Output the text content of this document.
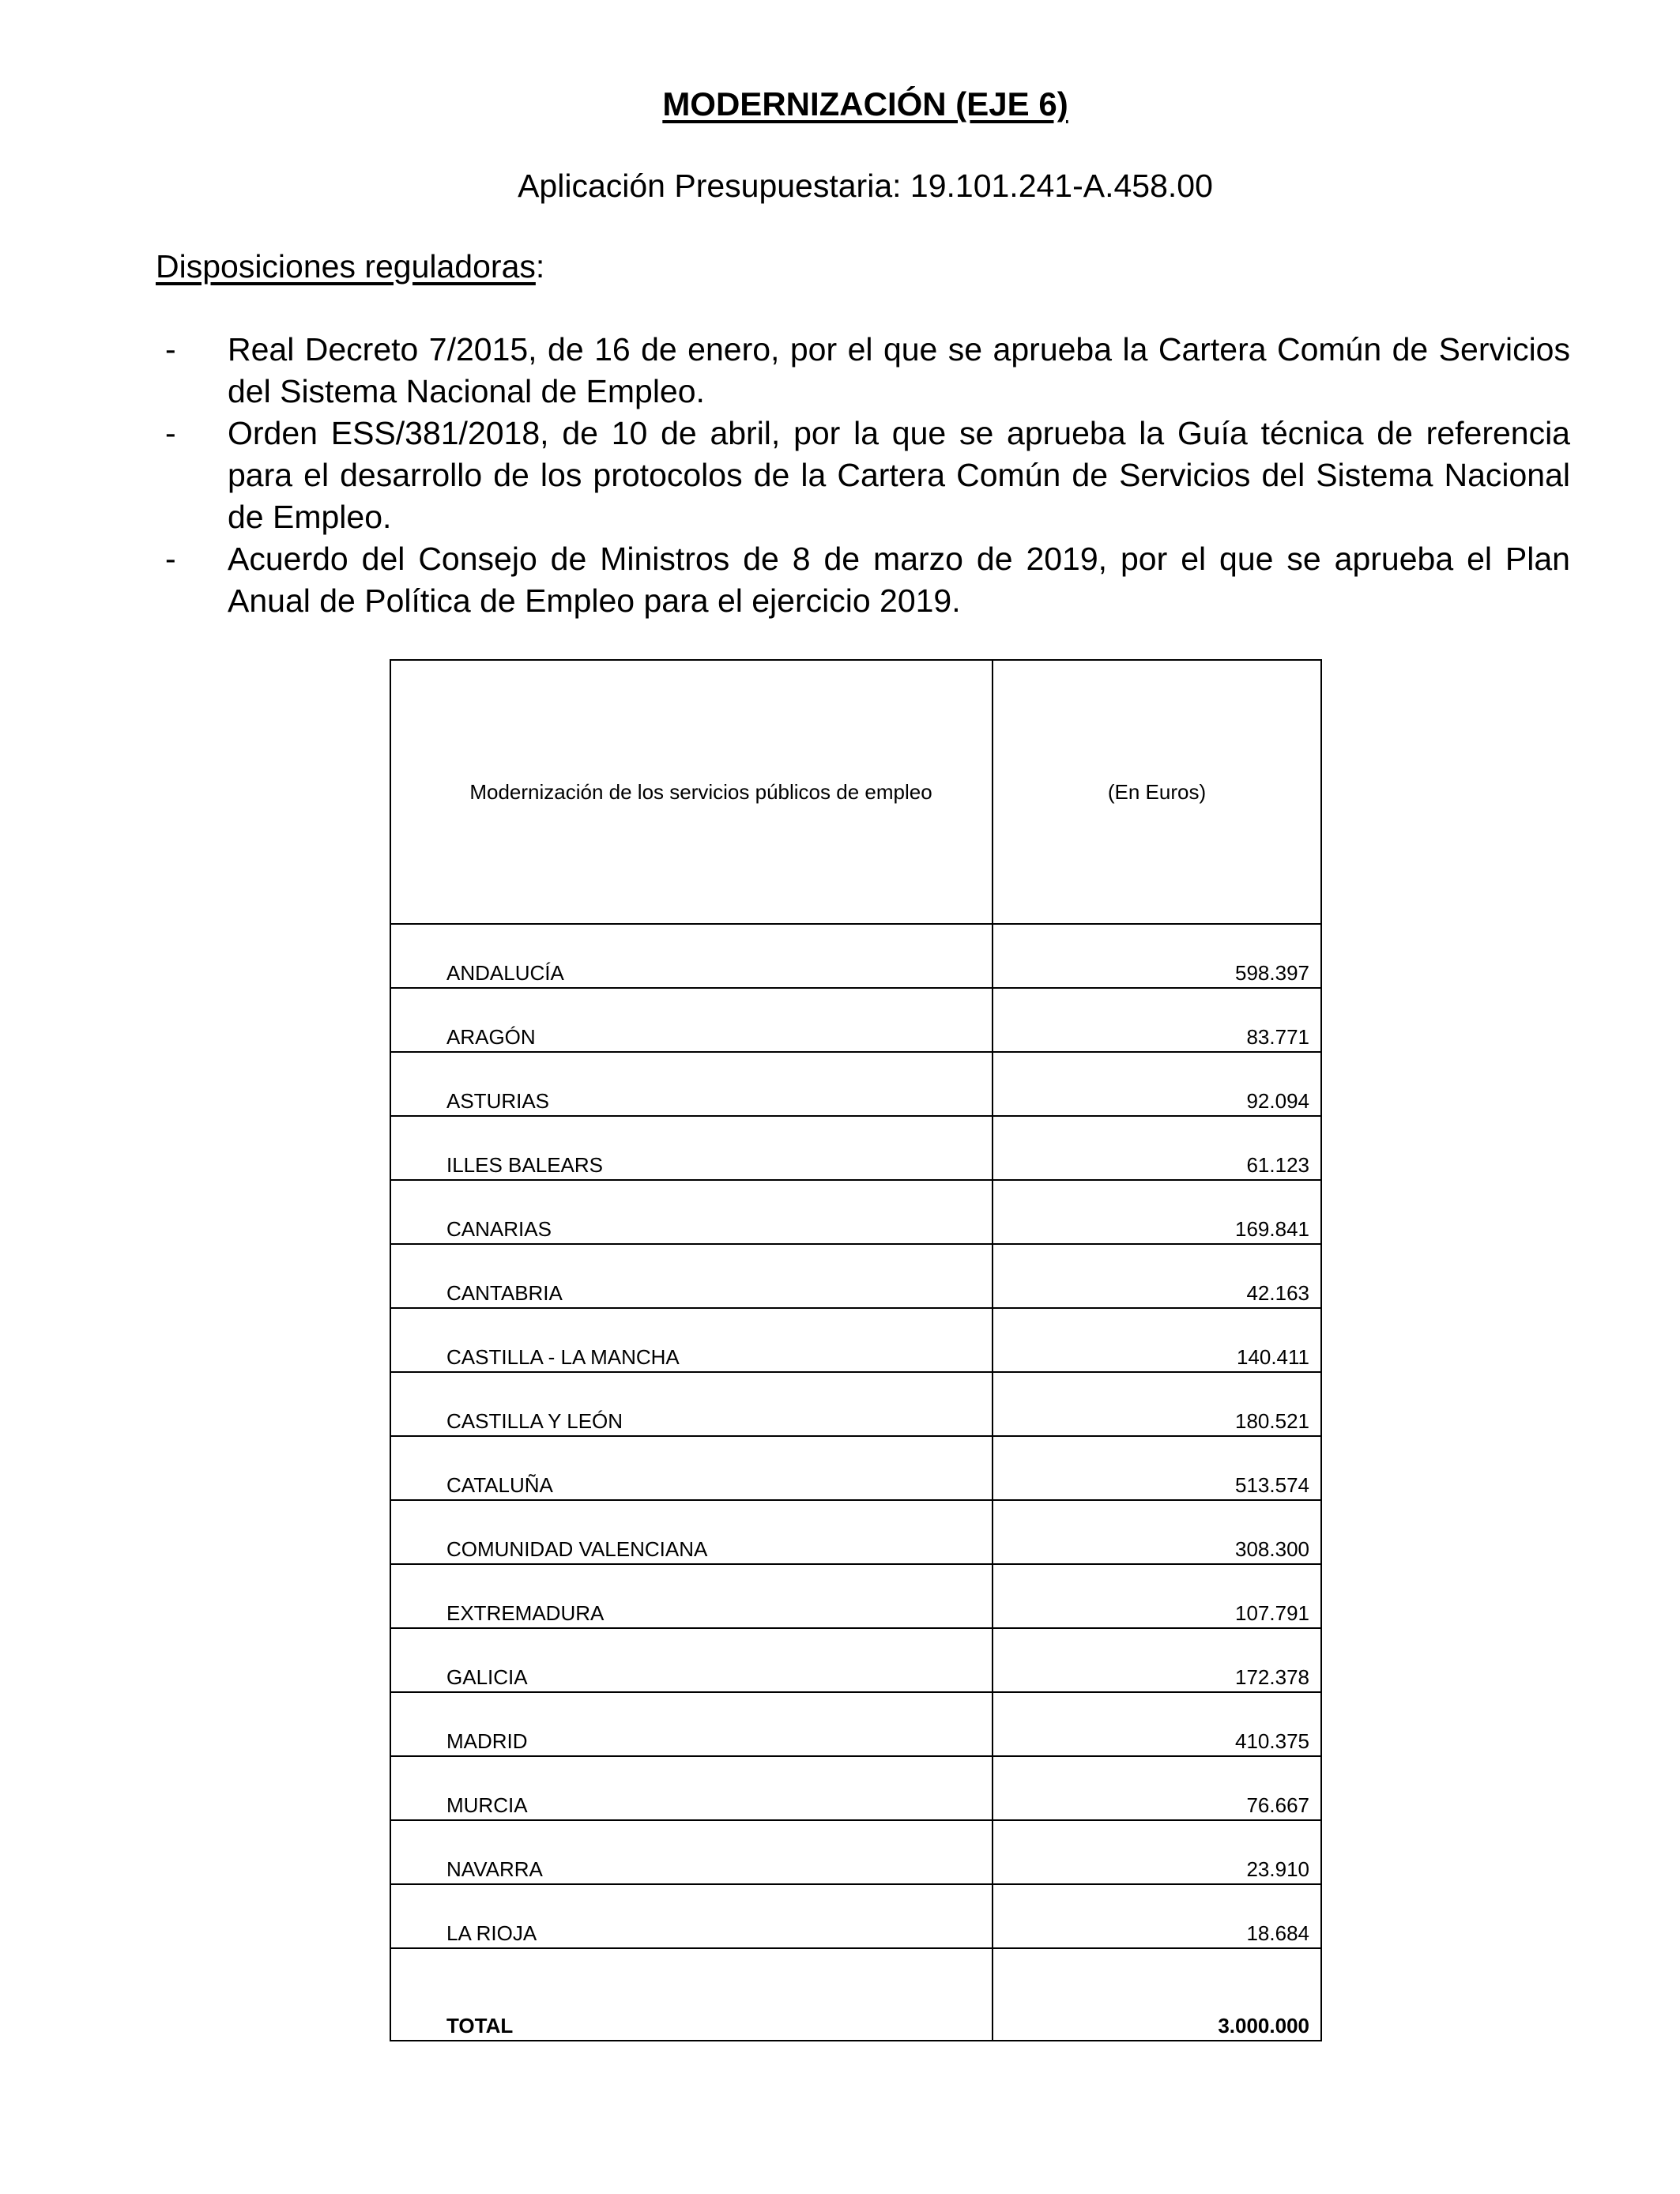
MODERNIZACIÓN (EJE 6)

Aplicación Presupuestaria: 19.101.241-A.458.00

Disposiciones reguladoras:

- Real Decreto 7/2015, de 16 de enero, por el que se aprueba la Cartera Común de Servicios del Sistema Nacional de Empleo.
- Orden ESS/381/2018, de 10 de abril, por la que se aprueba la Guía técnica de referencia para el desarrollo de los protocolos de la Cartera Común de Servicios del Sistema Nacional de Empleo.
- Acuerdo del Consejo de Ministros de 8 de marzo de 2019, por el que se aprueba el Plan Anual de Política de Empleo para el ejercicio 2019.
Modernización de los servicios públicos de empleo	(En Euros)
ANDALUCÍA	598.397
ARAGÓN	83.771
ASTURIAS	92.094
ILLES BALEARS	61.123
CANARIAS	169.841
CANTABRIA	42.163
CASTILLA - LA MANCHA	140.411
CASTILLA Y LEÓN	180.521
CATALUÑA	513.574
COMUNIDAD VALENCIANA	308.300
EXTREMADURA	107.791
GALICIA	172.378
MADRID	410.375
MURCIA	76.667
NAVARRA	23.910
LA RIOJA	18.684
TOTAL	3.000.000
